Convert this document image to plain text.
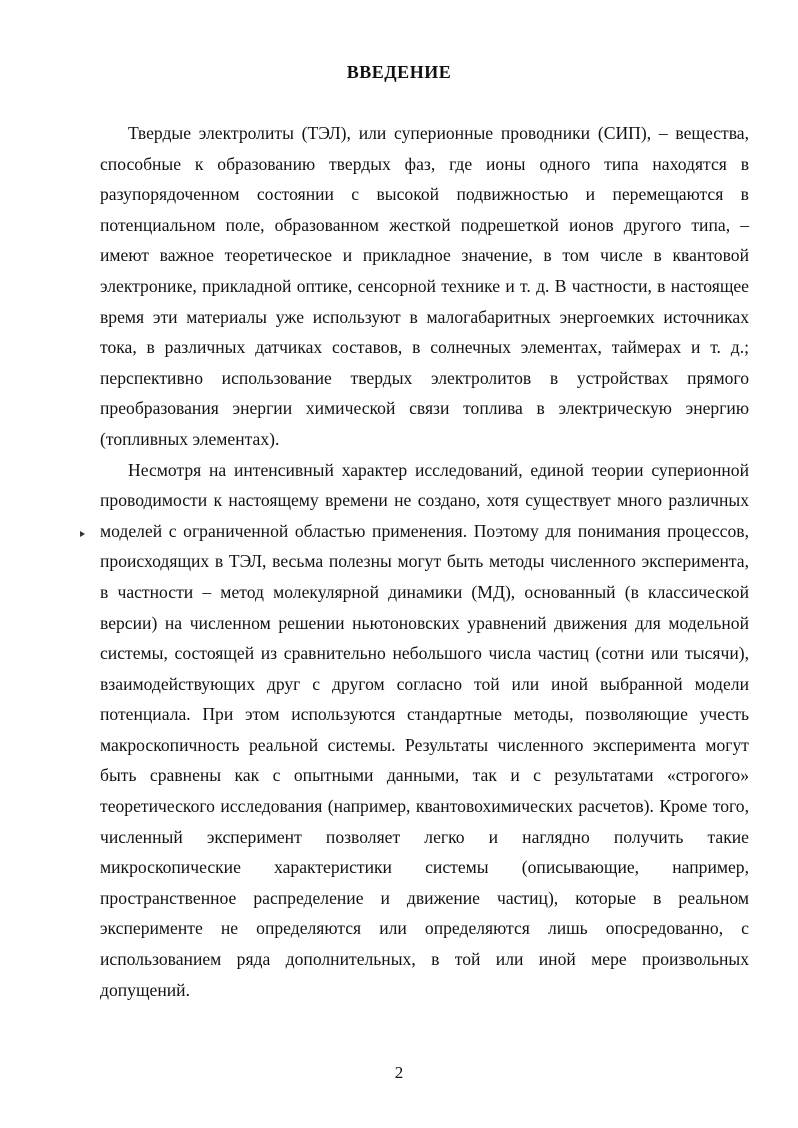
ВВЕДЕНИЕ

Твердые электролиты (ТЭЛ), или суперионные проводники (СИП), – вещества, способные к образованию твердых фаз, где ионы одного типа находятся в разупорядоченном состоянии с высокой подвижностью и перемещаются в потенциальном поле, образованном жесткой подрешеткой ионов другого типа, – имеют важное теоретическое и прикладное значение, в том числе в квантовой электронике, прикладной оптике, сенсорной технике и т. д. В частности, в настоящее время эти материалы уже используют в малогабаритных энергоемких источниках тока, в различных датчиках составов, в солнечных элементах, таймерах и т. д.; перспективно использование твердых электролитов в устройствах прямого преобразования энергии химической связи топлива в электрическую энергию (топливных элементах).

Несмотря на интенсивный характер исследований, единой теории суперионной проводимости к настоящему времени не создано, хотя существует много различных моделей с ограниченной областью применения. Поэтому для понимания процессов, происходящих в ТЭЛ, весьма полезны могут быть методы численного эксперимента, в частности – метод молекулярной динамики (МД), основанный (в классической версии) на численном решении ньютоновских уравнений движения для модельной системы, состоящей из сравнительно небольшого числа частиц (сотни или тысячи), взаимодействующих друг с другом согласно той или иной выбранной модели потенциала. При этом используются стандартные методы, позволяющие учесть макроскопичность реальной системы. Результаты численного эксперимента могут быть сравнены как с опытными данными, так и с результатами «строгого» теоретического исследования (например, квантовохимических расчетов). Кроме того, численный эксперимент позволяет легко и наглядно получить такие микроскопические характеристики системы (описывающие, например, пространственное распределение и движение частиц), которые в реальном эксперименте не определяются или определяются лишь опосредованно, с использованием ряда дополнительных, в той или иной мере произвольных допущений.

2
